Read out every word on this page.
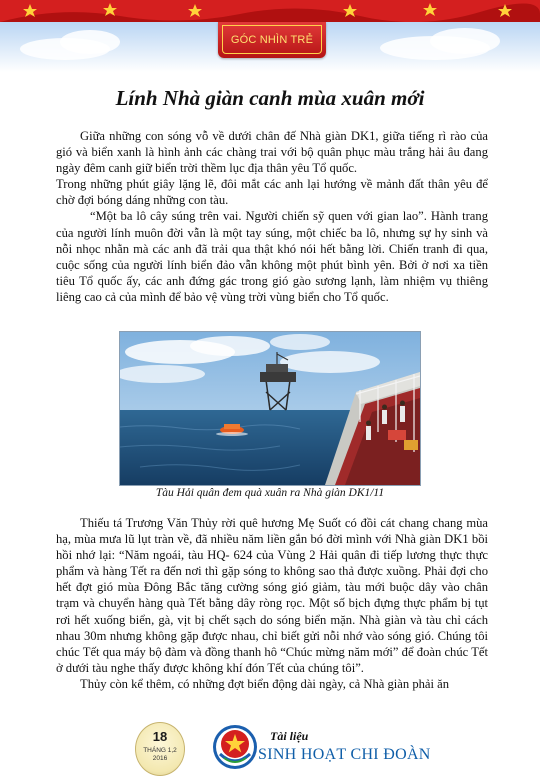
GÓC NHÌN TRẺ
Lính Nhà giàn canh mùa xuân mới

Giữa những con sóng vỗ về dưới chân đế Nhà giàn DK1, giữa tiếng rì rào của gió và biển xanh là hình ảnh các chàng trai với bộ quân phục màu trắng hải âu đang ngày đêm canh giữ biển trời thềm lục địa thân yêu Tổ quốc.

Trong những phút giây lặng lẽ, đôi mắt các anh lại hướng về mảnh đất thân yêu để chờ đợi bóng dáng những con tàu.

“Một ba lô cây súng trên vai. Người chiến sỹ quen với gian lao”. Hành trang của người lính muôn đời vẫn là một tay súng, một chiếc ba lô, nhưng sự hy sinh và nỗi nhọc nhằn mà các anh đã trải qua thật khó nói hết bằng lời. Chiến tranh đi qua, cuộc sống của người lính biển đảo vẫn không một phút bình yên. Bởi ở nơi xa tiền tiêu Tổ quốc ấy, các anh đứng gác trong gió gào sương lạnh, làm nhiệm vụ thiêng liêng cao cả của mình để bảo vệ vùng trời vùng biển cho Tổ quốc.

Tàu Hải quân đem quà xuân ra Nhà giàn DK1/11

Thiếu tá Trương Văn Thủy rời quê hương Mẹ Suốt có đồi cát chang chang mùa hạ, mùa mưa lũ lụt tràn về, đã nhiều năm liền gắn bó đời mình với Nhà giàn DK1 bồi hồi nhớ lại: “Năm ngoái, tàu HQ- 624 của Vùng 2 Hải quân đi tiếp lương thực thực phẩm và hàng Tết ra đến nơi thì gặp sóng to không sao thả được xuồng. Phải đợi cho hết đợt gió mùa Đông Bắc tăng cường sóng gió giảm, tàu mới buộc dây vào chân trạm và chuyển hàng quà Tết bằng dây ròng rọc. Một số bịch đựng thực phẩm bị tụt rơi hết xuống biển, gà, vịt bị chết sạch do sóng biển mặn. Nhà giàn và tàu chỉ cách nhau 30m nhưng không gặp được nhau, chỉ biết gửi nỗi nhớ vào sóng gió. Chúng tôi chúc Tết qua máy bộ đàm và đồng thanh hô “Chúc mừng năm mới” để đoàn chúc Tết ở dưới tàu nghe thấy được không khí đón Tết của chúng tôi”.

Thủy còn kể thêm, có những đợt biển động dài ngày, cả Nhà giàn phải ăn

18
THÁNG 1,2
2016

Tài liệu

SINH HOẠT CHI ĐOÀN
